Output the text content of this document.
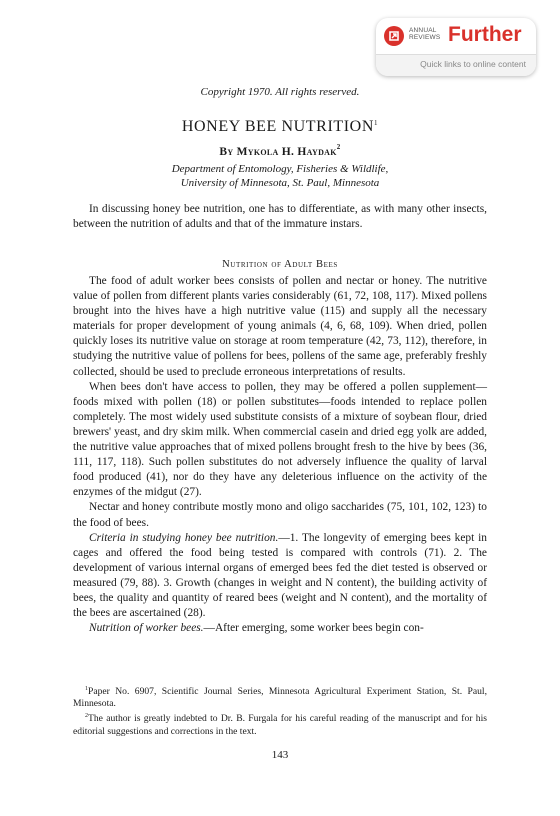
ANNUAL
REVIEWS Further
Quick links to online content
Copyright 1970. All rights reserved.
HONEY BEE NUTRITION$^1$
By Mykola H. Haydak$^2$
Department of Entomology, Fisheries & Wildlife,
University of Minnesota, St. Paul, Minnesota

In discussing honey bee nutrition, one has to differentiate, as with many other insects, between the nutrition of adults and that of the immature instars.

Nutrition of Adult Bees

The food of adult worker bees consists of pollen and nectar or honey. The nutritive value of pollen from different plants varies considerably (61, 72, 108, 117). Mixed pollens brought into the hives have a high nutritive value (115) and supply all the necessary materials for proper development of young animals (4, 6, 68, 109). When dried, pollen quickly loses its nutritive value on storage at room temperature (42, 73, 112), therefore, in studying the nutritive value of pollens for bees, pollens of the same age, preferably freshly collected, should be used to preclude erroneous interpretations of results.

When bees don't have access to pollen, they may be offered a pollen supplement—foods mixed with pollen (18) or pollen substitutes—foods intended to replace pollen completely. The most widely used substitute consists of a mixture of soybean flour, dried brewers' yeast, and dry skim milk. When commercial casein and dried egg yolk are added, the nutritive value approaches that of mixed pollens brought fresh to the hive by bees (36, 111, 117, 118). Such pollen substitutes do not adversely influence the quality of larval food produced (41), nor do they have any deleterious influence on the activity of the enzymes of the midgut (27).

Nectar and honey contribute mostly mono and oligo saccharides (75, 101, 102, 123) to the food of bees.

Criteria in studying honey bee nutrition.—1. The longevity of emerging bees kept in cages and offered the food being tested is compared with controls (71). 2. The development of various internal organs of emerged bees fed the diet tested is observed or measured (79, 88). 3. Growth (changes in weight and N content), the building activity of bees, the quality and quantity of reared bees (weight and N content), and the mortality of the bees are ascertained (28).

Nutrition of worker bees.—After emerging, some worker bees begin con-

$^1$Paper No. 6907, Scientific Journal Series, Minnesota Agricultural Experiment Station, St. Paul, Minnesota.

$^2$The author is greatly indebted to Dr. B. Furgala for his careful reading of the manuscript and for his editorial suggestions and corrections in the text.

143
